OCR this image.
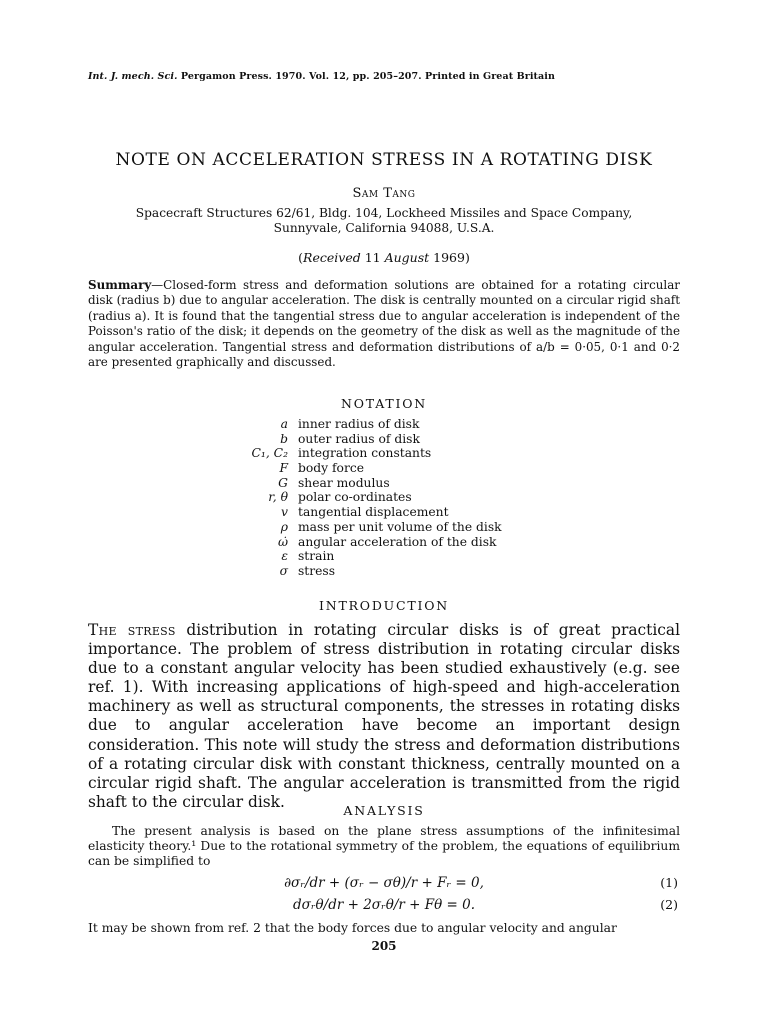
Int. J. mech. Sci. Pergamon Press. 1970. Vol. 12, pp. 205–207. Printed in Great Britain
NOTE ON ACCELERATION STRESS IN A ROTATING DISK
Sam Tang
Spacecraft Structures 62/61, Bldg. 104, Lockheed Missiles and Space Company,
Sunnyvale, California 94088, U.S.A.
(Received 11 August 1969)
Summary—Closed-form stress and deformation solutions are obtained for a rotating circular disk (radius b) due to angular acceleration. The disk is centrally mounted on a circular rigid shaft (radius a). It is found that the tangential stress due to angular acceleration is independent of the Poisson's ratio of the disk; it depends on the geometry of the disk as well as the magnitude of the angular acceleration. Tangential stress and deformation distributions of a/b = 0·05, 0·1 and 0·2 are presented graphically and discussed.
NOTATION
a inner radius of disk
b outer radius of disk
C₁, C₂ integration constants
F body force
G shear modulus
r, θ polar co-ordinates
v tangential displacement
ρ mass per unit volume of the disk
ω̇ angular acceleration of the disk
ε strain
σ stress
INTRODUCTION
The stress distribution in rotating circular disks is of great practical importance. The problem of stress distribution in rotating circular disks due to a constant angular velocity has been studied exhaustively (e.g. see ref. 1). With increasing applications of high-speed and high-acceleration machinery as well as structural components, the stresses in rotating disks due to angular acceleration have become an important design consideration. This note will study the stress and deformation distributions of a rotating circular disk with constant thickness, centrally mounted on a circular rigid shaft. The angular acceleration is transmitted from the rigid shaft to the circular disk.	ANALYSIS
The present analysis is based on the plane stress assumptions of the infinitesimal elasticity theory.¹ Due to the rotational symmetry of the problem, the equations of equilibrium can be simplified to
∂σᵣ/dr + (σᵣ − σθ)/r + Fᵣ = 0,	(1)
dσᵣθ/dr + 2σᵣθ/r + Fθ = 0.	(2)
It may be shown from ref. 2 that the body forces due to angular velocity and angular
205
